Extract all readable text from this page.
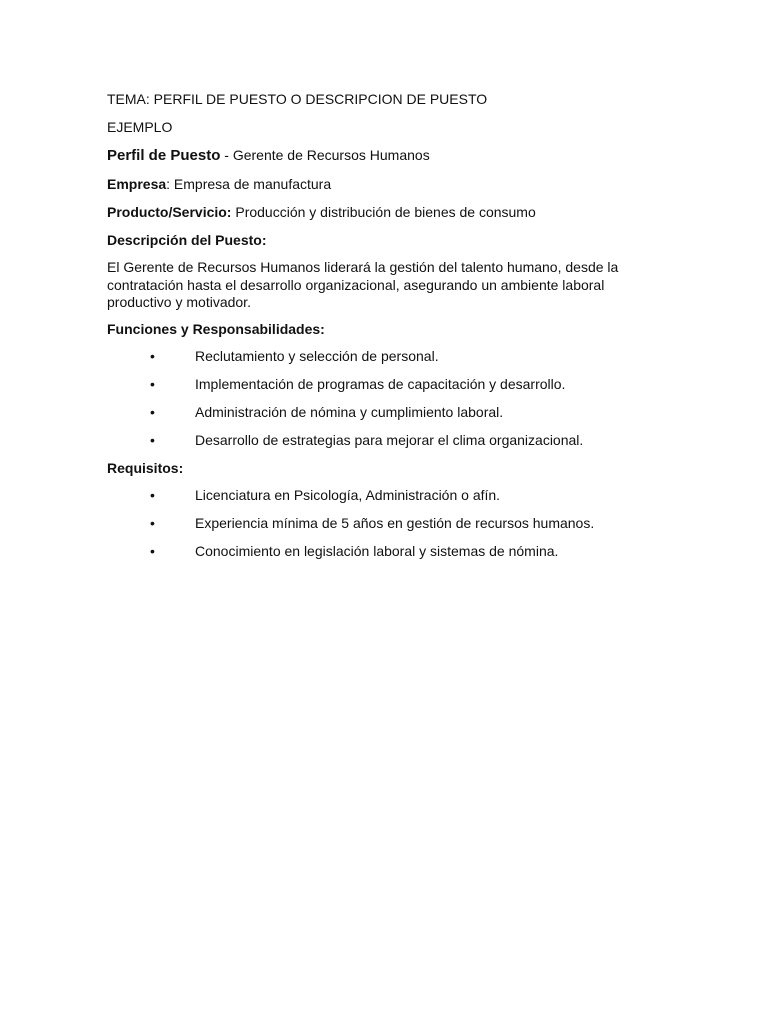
TEMA: PERFIL DE PUESTO O DESCRIPCION DE PUESTO
EJEMPLO
Perfil de Puesto - Gerente de Recursos Humanos
Empresa: Empresa de manufactura
Producto/Servicio: Producción y distribución de bienes de consumo
Descripción del Puesto:
El Gerente de Recursos Humanos liderará la gestión del talento humano, desde la contratación hasta el desarrollo organizacional, asegurando un ambiente laboral productivo y motivador.
Funciones y Responsabilidades:
•	Reclutamiento y selección de personal.
•	Implementación de programas de capacitación y desarrollo.
•	Administración de nómina y cumplimiento laboral.
•	Desarrollo de estrategias para mejorar el clima organizacional.
Requisitos:
•	Licenciatura en Psicología, Administración o afín.
•	Experiencia mínima de 5 años en gestión de recursos humanos.
•	Conocimiento en legislación laboral y sistemas de nómina.
